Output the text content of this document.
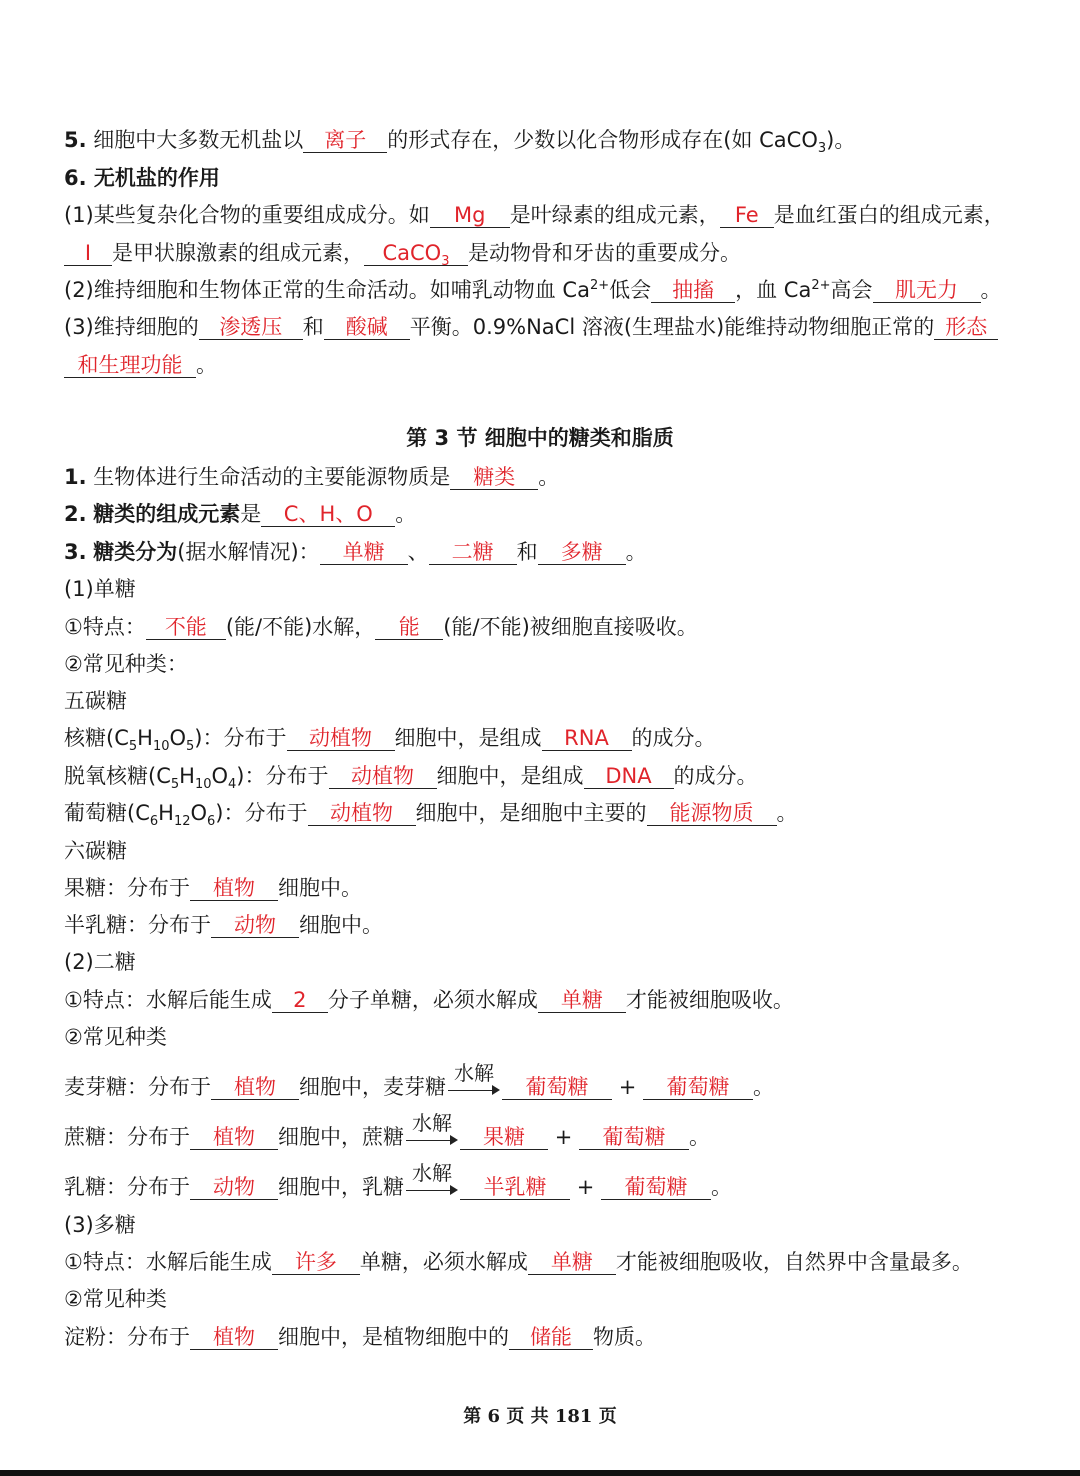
5. 细胞中大多数无机盐以 离子 的形式存在，少数以化合物形成存在(如 CaCO$_3$)。
6. 无机盐的作用
(1)某些复杂化合物的重要组成成分。如 Mg 是叶绿素的组成元素， Fe 是血红蛋白的组成元素，
I 是甲状腺激素的组成元素， CaCO$_3$ 是动物骨和牙齿的重要成分。
(2)维持细胞和生物体正常的生命活动。如哺乳动物血 $Ca^{2+}$低会 抽搐 ，血 $Ca^{2+}$高会 肌无力 。
(3)维持细胞的 渗透压 和 酸碱 平衡。0.9%NaCl 溶液(生理盐水)能维持动物细胞正常的 形态
和生理功能 。
第 3 节 细胞中的糖类和脂质
1. 生物体进行生命活动的主要能源物质是 糖类 。
2. 糖类的组成元素是 C、H、O 。
3. 糖类分为(据水解情况)： 单糖 、 二糖 和 多糖 。
(1)单糖
①特点： 不能 (能/不能)水解， 能 (能/不能)被细胞直接吸收。
②常见种类：
五碳糖
核糖$(C_5H_{10}O_5)$：分布于 动植物 细胞中，是组成 RNA 的成分。
脱氧核糖$(C_5H_{10}O_4)$：分布于 动植物 细胞中，是组成 DNA 的成分。
葡萄糖$(C_6H_{12}O_6)$：分布于 动植物 细胞中，是细胞中主要的 能源物质 。
六碳糖
果糖：分布于 植物 细胞中。
半乳糖：分布于 动物 细胞中。
(2)二糖
①特点：水解后能生成 2 分子单糖，必须水解成 单糖 才能被细胞吸收。
②常见种类
麦芽糖：分布于 植物 细胞中，麦芽糖
水解
葡萄糖 + 葡萄糖 。
蔗糖：分布于 植物 细胞中，蔗糖
水解
果糖 + 葡萄糖 。
乳糖：分布于 动物 细胞中，乳糖
水解
半乳糖 + 葡萄糖 。
(3)多糖
①特点：水解后能生成 许多 单糖，必须水解成 单糖 才能被细胞吸收，自然界中含量最多。
②常见种类
淀粉：分布于 植物 细胞中，是植物细胞中的 储能 物质。
第 6 页 共 181 页
